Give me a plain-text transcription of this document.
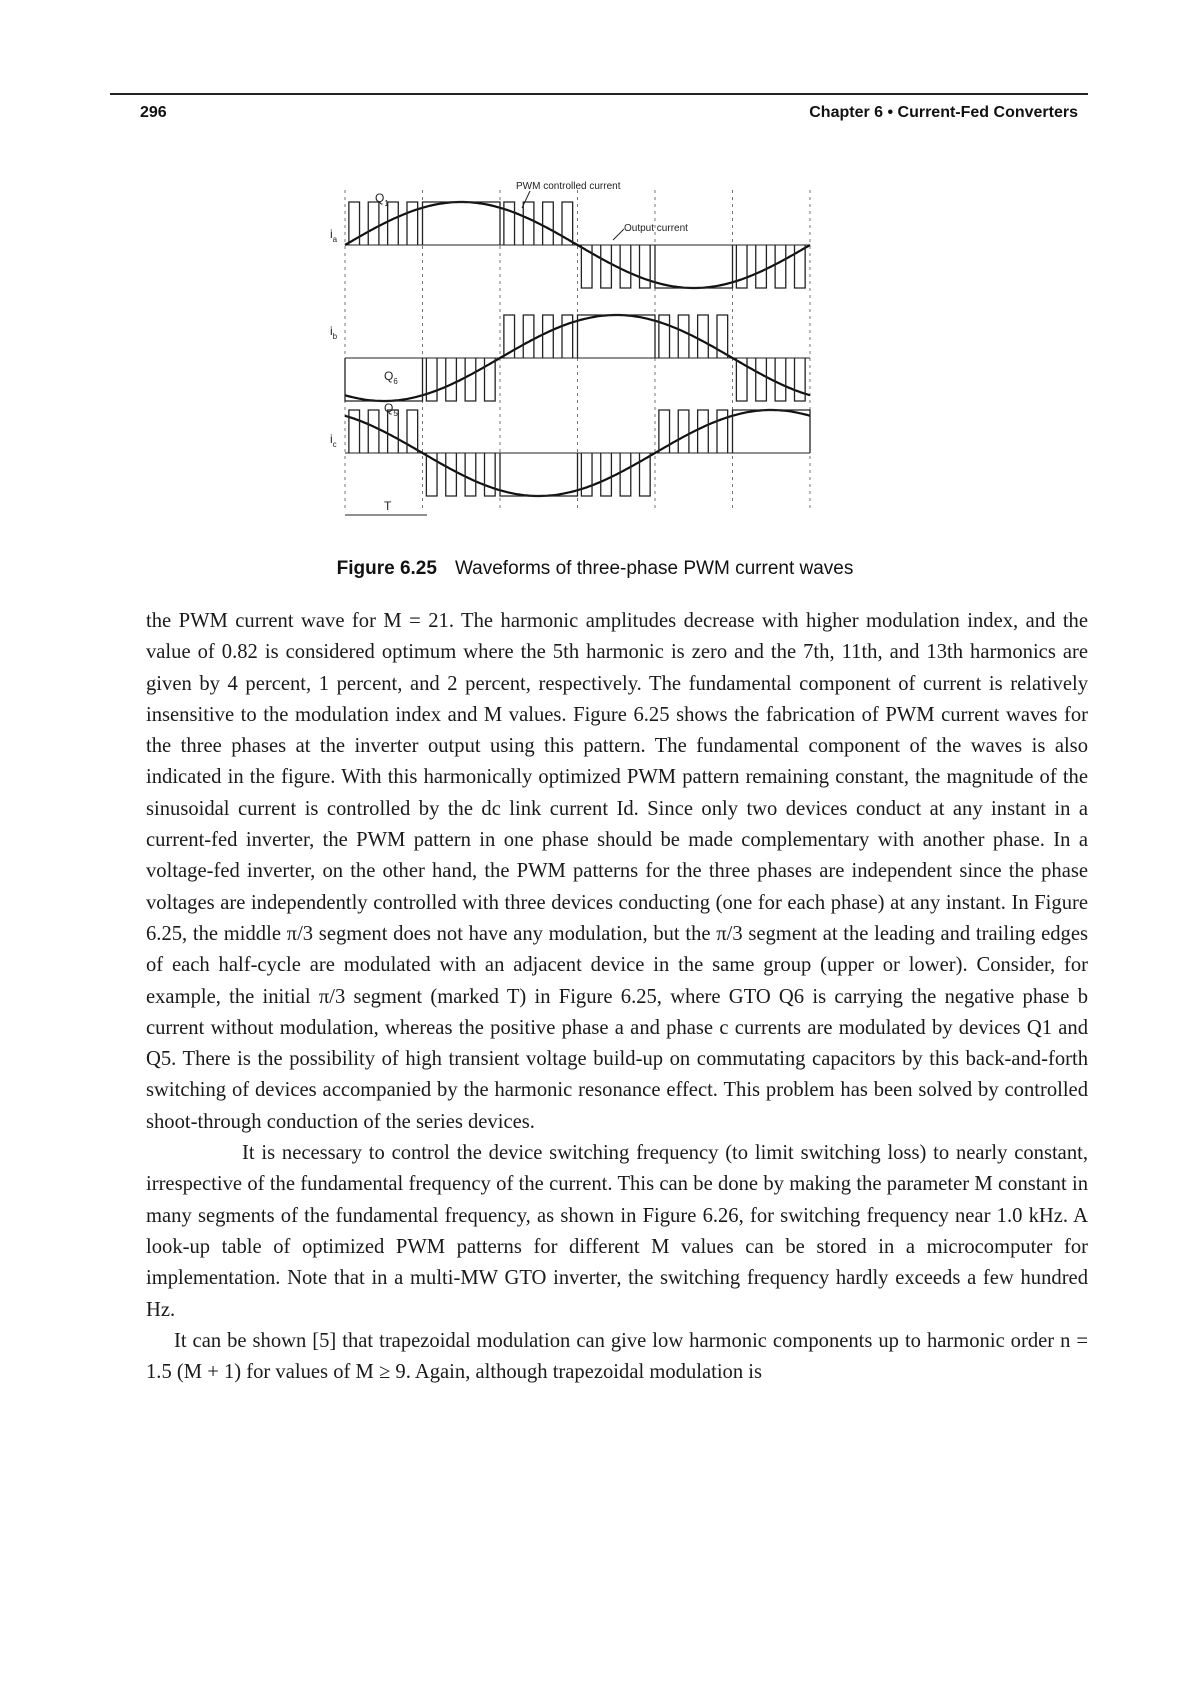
296	Chapter 6 • Current-Fed Converters
PWM controlled current
Output current
$Q_1$
$Q_6$
$Q_5$
$i_a$
$i_b$
$i_c$
T
Figure 6.25 Waveforms of three-phase PWM current waves

the PWM current wave for M = 21. The harmonic amplitudes decrease with higher modulation index, and the value of 0.82 is considered optimum where the 5th harmonic is zero and the 7th, 11th, and 13th harmonics are given by 4 percent, 1 percent, and 2 percent, respectively. The fundamental component of current is relatively insensitive to the modulation index and M values. Figure 6.25 shows the fabrication of PWM current waves for the three phases at the inverter output using this pattern. The fundamental component of the waves is also indicated in the figure. With this harmonically optimized PWM pattern remaining constant, the magnitude of the sinusoidal current is controlled by the dc link current Id. Since only two devices conduct at any instant in a current-fed inverter, the PWM pattern in one phase should be made complementary with another phase. In a voltage-fed inverter, on the other hand, the PWM patterns for the three phases are independent since the phase voltages are independently controlled with three devices conducting (one for each phase) at any instant. In Figure 6.25, the middle π/3 segment does not have any modulation, but the π/3 segment at the leading and trailing edges of each half-cycle are modulated with an adjacent device in the same group (upper or lower). Consider, for example, the initial π/3 segment (marked T) in Figure 6.25, where GTO Q6 is carrying the negative phase b current without modulation, whereas the positive phase a and phase c currents are modulated by devices Q1 and Q5. There is the possibility of high transient voltage build-up on commutating capacitors by this back-and-forth switching of devices accompanied by the harmonic resonance effect. This problem has been solved by controlled shoot-through conduction of the series devices.

It is necessary to control the device switching frequency (to limit switching loss) to nearly constant, irrespective of the fundamental frequency of the current. This can be done by making the parameter M constant in many segments of the fundamental frequency, as shown in Figure 6.26, for switching frequency near 1.0 kHz. A look-up table of optimized PWM patterns for different M values can be stored in a microcomputer for implementation. Note that in a multi-MW GTO inverter, the switching frequency hardly exceeds a few hundred Hz.

It can be shown [5] that trapezoidal modulation can give low harmonic components up to harmonic order n = 1.5 (M + 1) for values of M ≥ 9. Again, although trapezoidal modulation is
